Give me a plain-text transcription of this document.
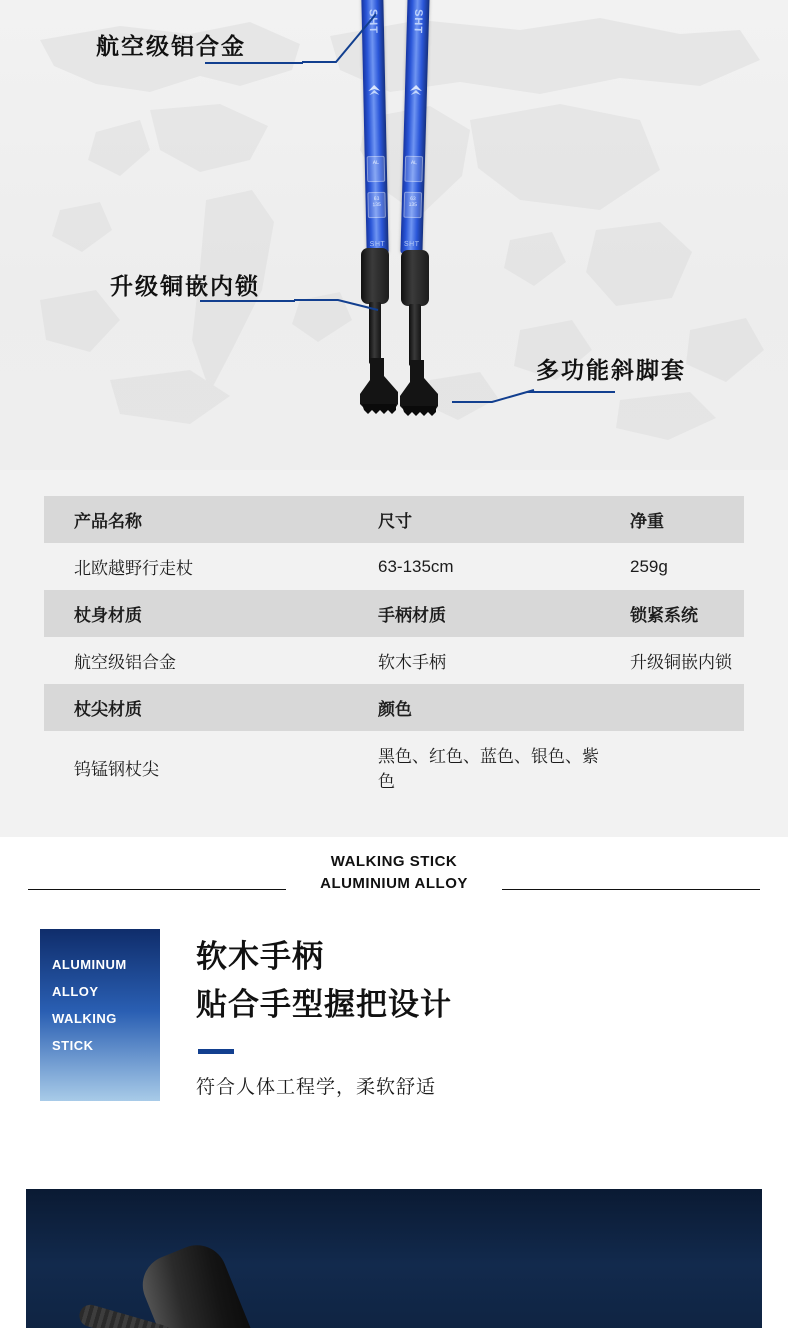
SHT
AL
63
135
SHT
SHT
AL
63
135
SHT
航空级铝合金
升级铜嵌内锁
多功能斜脚套
产品名称	尺寸	净重
北欧越野行走杖	63-135cm	259g
杖身材质	手柄材质	锁紧系统
航空级铝合金	软木手柄	升级铜嵌内锁
杖尖材质	颜色	
钨锰钢杖尖	黑色、红色、蓝色、银色、紫色	
WALKING STICK
ALUMINIUM ALLOY
ALUMINUM
ALLOY
WALKING
STICK
软木手柄
贴合手型握把设计
符合人体工程学，柔软舒适
